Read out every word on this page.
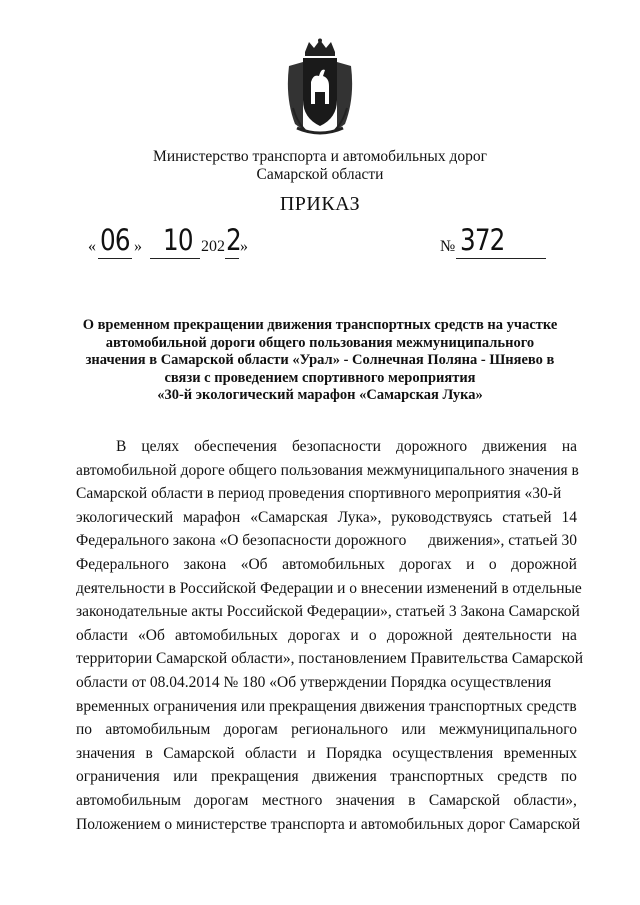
Министерство транспорта и автомобильных дорог
Самарской области
ПРИКАЗ
« 06 » 10 202 2 »	№ 372
О временном прекращении движения транспортных средств на участке
автомобильной дороги общего пользования межмуниципального
значения в Самарской области «Урал» - Солнечная Поляна - Шняево в
связи с проведением спортивного мероприятия
«30-й экологический марафон «Самарская Лука»
В целях обеспечения безопасности дорожного движения на
автомобильной дороге общего пользования межмуниципального значения в
Самарской области в период проведения спортивного мероприятия «30-й
экологический марафон «Самарская Лука», руководствуясь статьей 14
Федерального закона «О безопасности дорожного движения», статьей 30
Федерального закона «Об автомобильных дорогах и о дорожной
деятельности в Российской Федерации и о внесении изменений в отдельные
законодательные акты Российской Федерации», статьей 3 Закона Самарской
области «Об автомобильных дорогах и о дорожной деятельности на
территории Самарской области», постановлением Правительства Самарской
области от 08.04.2014 № 180 «Об утверждении Порядка осуществления
временных ограничения или прекращения движения транспортных средств
по автомобильным дорогам регионального или межмуниципального
значения в Самарской области и Порядка осуществления временных
ограничения или прекращения движения транспортных средств по
автомобильным дорогам местного значения в Самарской области»,
Положением о министерстве транспорта и автомобильных дорог Самарской
